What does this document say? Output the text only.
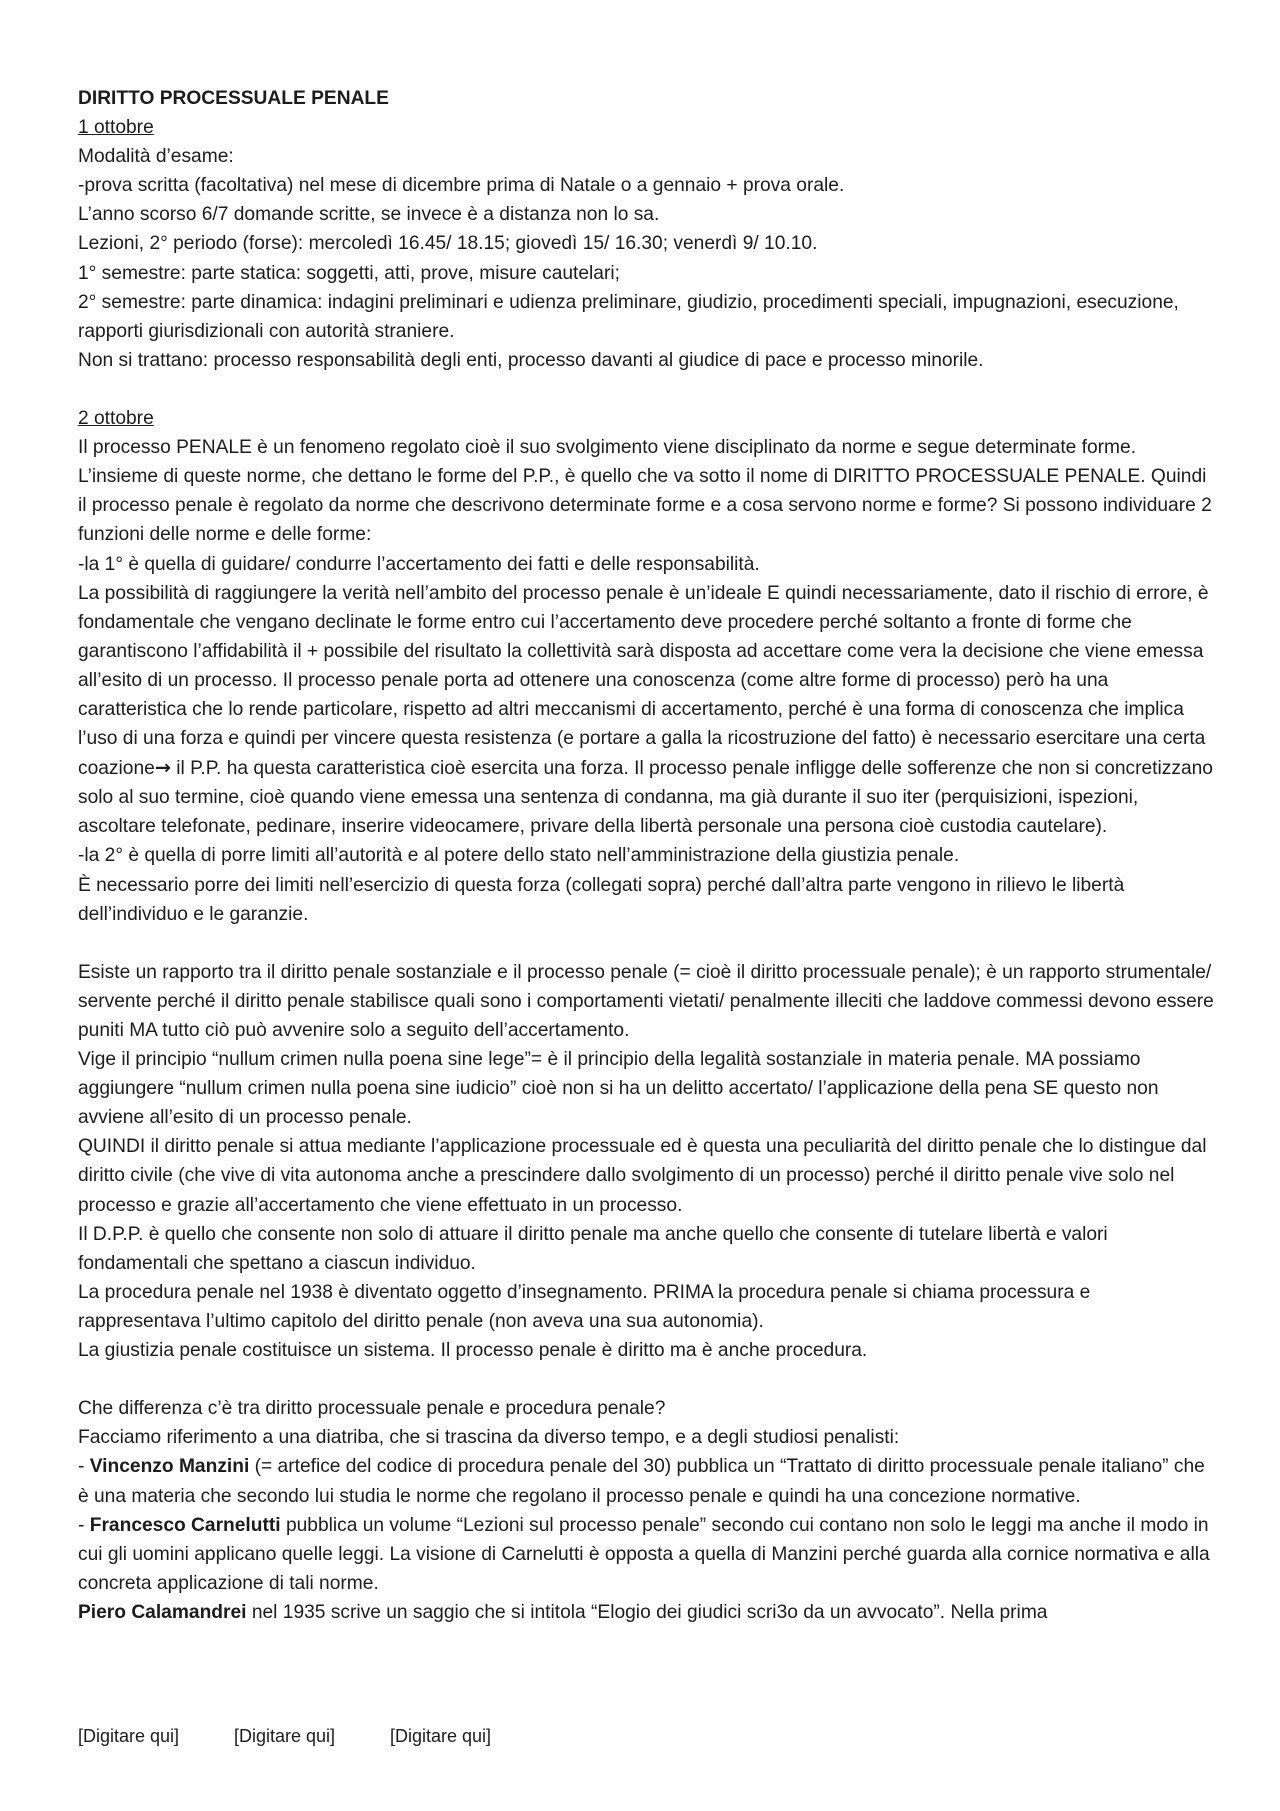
DIRITTO PROCESSUALE PENALE

1 ottobre

Modalità d’esame:

-prova scritta (facoltativa) nel mese di dicembre prima di Natale o a gennaio + prova orale.

L’anno scorso 6/7 domande scritte, se invece è a distanza non lo sa.

Lezioni, 2° periodo (forse): mercoledì 16.45/ 18.15; giovedì 15/ 16.30; venerdì 9/ 10.10.

1° semestre: parte statica: soggetti, atti, prove, misure cautelari;

2° semestre: parte dinamica: indagini preliminari e udienza preliminare, giudizio, procedimenti speciali, impugnazioni, esecuzione, rapporti giurisdizionali con autorità straniere.

Non si trattano: processo responsabilità degli enti, processo davanti al giudice di pace e processo minorile.

2 ottobre

Il processo PENALE è un fenomeno regolato cioè il suo svolgimento viene disciplinato da norme e segue determinate forme. L’insieme di queste norme, che dettano le forme del P.P., è quello che va sotto il nome di DIRITTO PROCESSUALE PENALE. Quindi il processo penale è regolato da norme che descrivono determinate forme e a cosa servono norme e forme? Si possono individuare 2 funzioni delle norme e delle forme:

-la 1° è quella di guidare/ condurre l’accertamento dei fatti e delle responsabilità.

La possibilità di raggiungere la verità nell’ambito del processo penale è un’ideale E quindi necessariamente, dato il rischio di errore, è fondamentale che vengano declinate le forme entro cui l’accertamento deve procedere perché soltanto a fronte di forme che garantiscono l’affidabilità il + possibile del risultato la collettività sarà disposta ad accettare come vera la decisione che viene emessa all’esito di un processo. Il processo penale porta ad ottenere una conoscenza (come altre forme di processo) però ha una caratteristica che lo rende particolare, rispetto ad altri meccanismi di accertamento, perché è una forma di conoscenza che implica l’uso di una forza e quindi per vincere questa resistenza (e portare a galla la ricostruzione del fatto) è necessario esercitare una certa coazione→ il P.P. ha questa caratteristica cioè esercita una forza. Il processo penale infligge delle sofferenze che non si concretizzano solo al suo termine, cioè quando viene emessa una sentenza di condanna, ma già durante il suo iter (perquisizioni, ispezioni, ascoltare telefonate, pedinare, inserire videocamere, privare della libertà personale una persona cioè custodia cautelare).

-la 2° è quella di porre limiti all’autorità e al potere dello stato nell’amministrazione della giustizia penale.

È necessario porre dei limiti nell’esercizio di questa forza (collegati sopra) perché dall’altra parte vengono in rilievo le libertà dell’individuo e le garanzie.

Esiste un rapporto tra il diritto penale sostanziale e il processo penale (= cioè il diritto processuale penale); è un rapporto strumentale/ servente perché il diritto penale stabilisce quali sono i comportamenti vietati/ penalmente illeciti che laddove commessi devono essere puniti MA tutto ciò può avvenire solo a seguito dell’accertamento.

Vige il principio “nullum crimen nulla poena sine lege”= è il principio della legalità sostanziale in materia penale. MA possiamo aggiungere “nullum crimen nulla poena sine iudicio” cioè non si ha un delitto accertato/ l’applicazione della pena SE questo non avviene all’esito di un processo penale.

QUINDI il diritto penale si attua mediante l’applicazione processuale ed è questa una peculiarità del diritto penale che lo distingue dal diritto civile (che vive di vita autonoma anche a prescindere dallo svolgimento di un processo) perché il diritto penale vive solo nel processo e grazie all’accertamento che viene effettuato in un processo.

Il D.P.P. è quello che consente non solo di attuare il diritto penale ma anche quello che consente di tutelare libertà e valori fondamentali che spettano a ciascun individuo.

La procedura penale nel 1938 è diventato oggetto d’insegnamento. PRIMA la procedura penale si chiama processura e rappresentava l’ultimo capitolo del diritto penale (non aveva una sua autonomia).

La giustizia penale costituisce un sistema. Il processo penale è diritto ma è anche procedura.

Che differenza c’è tra diritto processuale penale e procedura penale?

Facciamo riferimento a una diatriba, che si trascina da diverso tempo, e a degli studiosi penalisti:

- Vincenzo Manzini (= artefice del codice di procedura penale del 30) pubblica un “Trattato di diritto processuale penale italiano” che è una materia che secondo lui studia le norme che regolano il processo penale e quindi ha una concezione normative.

- Francesco Carnelutti pubblica un volume “Lezioni sul processo penale” secondo cui contano non solo le leggi ma anche il modo in cui gli uomini applicano quelle leggi. La visione di Carnelutti è opposta a quella di Manzini perché guarda alla cornice normativa e alla concreta applicazione di tali norme.

Piero Calamandrei nel 1935 scrive un saggio che si intitola “Elogio dei giudici scri3o da un avvocato”. Nella prima

[Digitare qui]	[Digitare qui]	[Digitare qui]
